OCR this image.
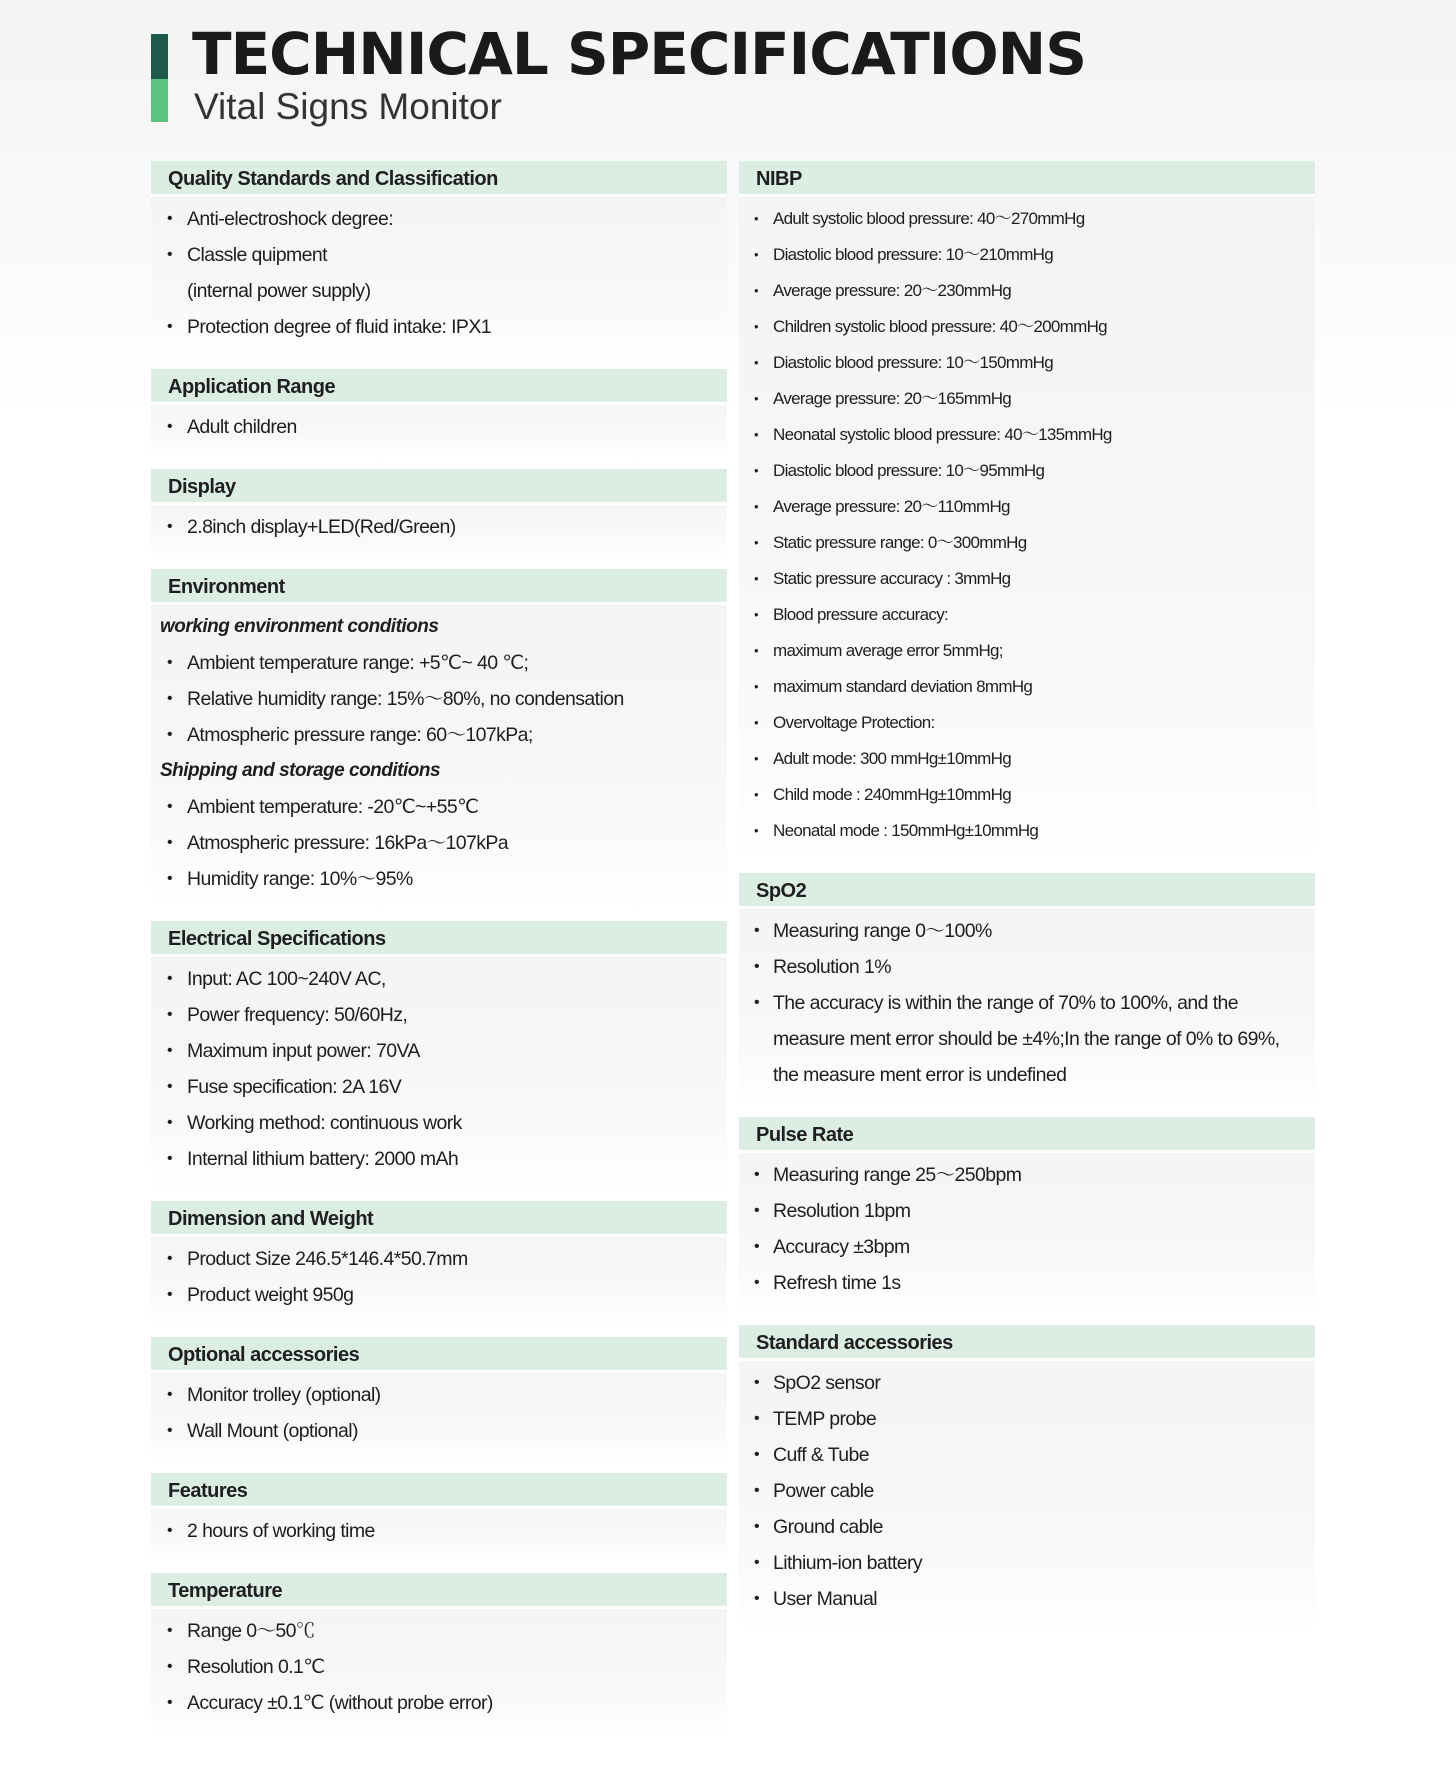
TECHNICAL SPECIFICATIONS
Vital Signs Monitor
Quality Standards and Classification
• Anti-electroshock degree:
• Classle quipment
(internal power supply)
• Protection degree of fluid intake: IPX1
Application Range
• Adult children
Display
• 2.8inch display+LED(Red/Green)
Environment
working environment conditions
• Ambient temperature range: +5℃~ 40 ℃;
• Relative humidity range: 15%～80%, no condensation
• Atmospheric pressure range: 60～107kPa;
Shipping and storage conditions
• Ambient temperature: -20℃~+55℃
• Atmospheric pressure: 16kPa～107kPa
• Humidity range: 10%～95%
Electrical Specifications
• Input: AC 100~240V AC,
• Power frequency: 50/60Hz,
• Maximum input power: 70VA
• Fuse specification: 2A 16V
• Working method: continuous work
• Internal lithium battery: 2000 mAh
Dimension and Weight
• Product Size 246.5*146.4*50.7mm
• Product weight 950g
Optional accessories
• Monitor trolley (optional)
• Wall Mount (optional)
Features
• 2 hours of working time
Temperature
• Range 0～50℃
• Resolution 0.1℃
• Accuracy ±0.1℃ (without probe error)
NIBP
• Adult systolic blood pressure: 40～270mmHg
• Diastolic blood pressure: 10～210mmHg
• Average pressure: 20～230mmHg
• Children systolic blood pressure: 40～200mmHg
• Diastolic blood pressure: 10～150mmHg
• Average pressure: 20～165mmHg
• Neonatal systolic blood pressure: 40～135mmHg
• Diastolic blood pressure: 10～95mmHg
• Average pressure: 20～110mmHg
• Static pressure range: 0～300mmHg
• Static pressure accuracy : 3mmHg
• Blood pressure accuracy:
• maximum average error 5mmHg;
• maximum standard deviation 8mmHg
• Overvoltage Protection:
• Adult mode: 300 mmHg±10mmHg
• Child mode : 240mmHg±10mmHg
• Neonatal mode : 150mmHg±10mmHg
SpO2
• Measuring range 0～100%
• Resolution 1%
• The accuracy is within the range of 70% to 100%, and the measure ment error should be ±4%;In the range of 0% to 69%, the measure ment error is undefined
Pulse Rate
• Measuring range 25～250bpm
• Resolution 1bpm
• Accuracy ±3bpm
• Refresh time 1s
Standard accessories
• SpO2 sensor
• TEMP probe
• Cuff & Tube
• Power cable
• Ground cable
• Lithium-ion battery
• User Manual
